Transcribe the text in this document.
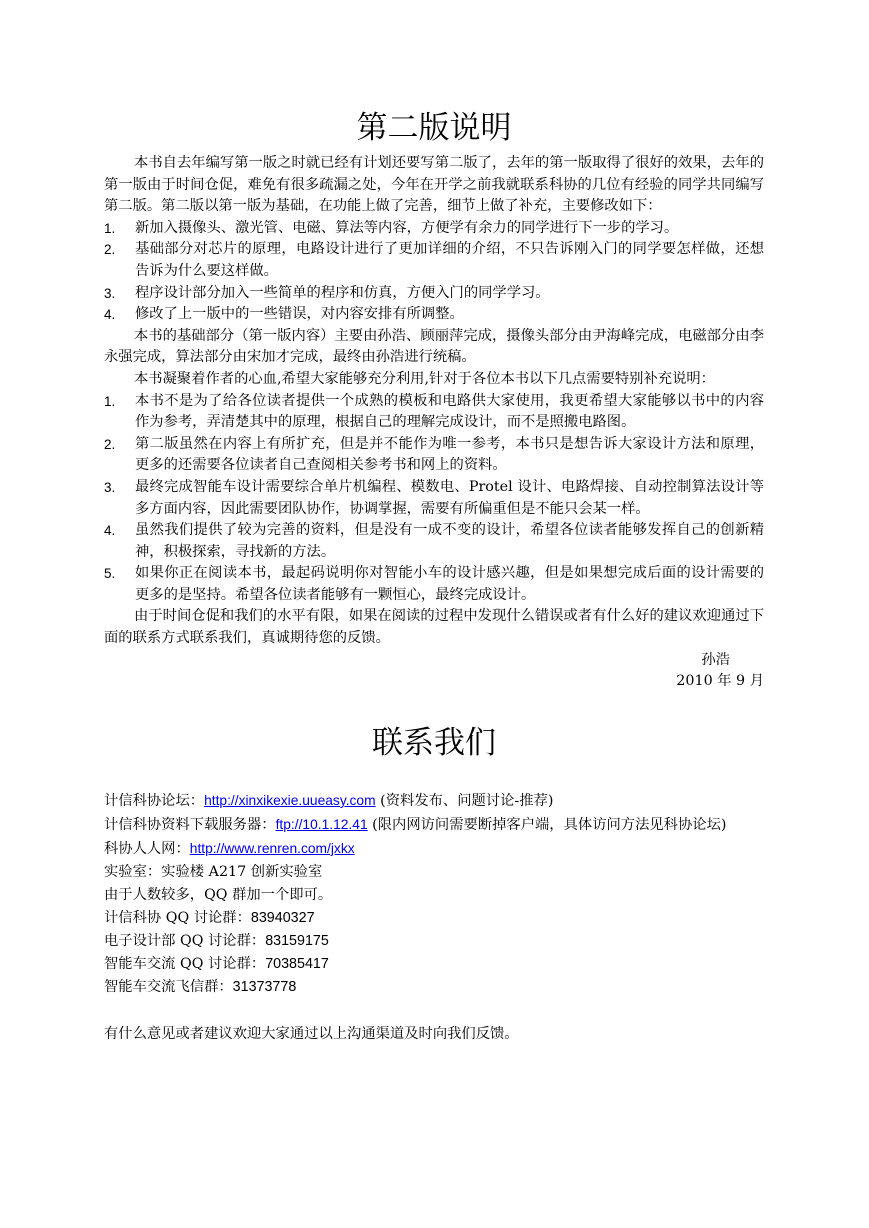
第二版说明

本书自去年编写第一版之时就已经有计划还要写第二版了，去年的第一版取得了很好的效果，去年的第一版由于时间仓促，难免有很多疏漏之处，今年在开学之前我就联系科协的几位有经验的同学共同编写第二版。第二版以第一版为基础，在功能上做了完善，细节上做了补充，主要修改如下：

1. 新加入摄像头、激光管、电磁、算法等内容，方便学有余力的同学进行下一步的学习。
2. 基础部分对芯片的原理，电路设计进行了更加详细的介绍，不只告诉刚入门的同学要怎样做，还想告诉为什么要这样做。
3. 程序设计部分加入一些简单的程序和仿真，方便入门的同学学习。
4. 修改了上一版中的一些错误，对内容安排有所调整。

本书的基础部分（第一版内容）主要由孙浩、顾丽萍完成，摄像头部分由尹海峰完成，电磁部分由李永强完成，算法部分由宋加才完成，最终由孙浩进行统稿。

本书凝聚着作者的心血,希望大家能够充分利用,针对于各位本书以下几点需要特别补充说明：

1. 本书不是为了给各位读者提供一个成熟的模板和电路供大家使用，我更希望大家能够以书中的内容作为参考，弄清楚其中的原理，根据自己的理解完成设计，而不是照搬电路图。
2. 第二版虽然在内容上有所扩充，但是并不能作为唯一参考，本书只是想告诉大家设计方法和原理，更多的还需要各位读者自己查阅相关参考书和网上的资料。
3. 最终完成智能车设计需要综合单片机编程、模数电、Protel 设计、电路焊接、自动控制算法设计等多方面内容，因此需要团队协作，协调掌握，需要有所偏重但是不能只会某一样。
4. 虽然我们提供了较为完善的资料，但是没有一成不变的设计，希望各位读者能够发挥自己的创新精神，积极探索，寻找新的方法。
5. 如果你正在阅读本书，最起码说明你对智能小车的设计感兴趣，但是如果想完成后面的设计需要的更多的是坚持。希望各位读者能够有一颗恒心，最终完成设计。

由于时间仓促和我们的水平有限，如果在阅读的过程中发现什么错误或者有什么好的建议欢迎通过下面的联系方式联系我们，真诚期待您的反馈。

孙浩

2010 年 9 月

联系我们
计信科协论坛：http://xinxikexie.uueasy.com (资料发布、问题讨论-推荐)
计信科协资料下载服务器：ftp://10.1.12.41 (限内网访问需要断掉客户端，具体访问方法见科协论坛)
科协人人网：http://www.renren.com/jxkx
实验室：实验楼 A217 创新实验室
由于人数较多，QQ 群加一个即可。
计信科协 QQ 讨论群：83940327
电子设计部 QQ 讨论群：83159175
智能车交流 QQ 讨论群：70385417
智能车交流飞信群：31373778
有什么意见或者建议欢迎大家通过以上沟通渠道及时向我们反馈。
